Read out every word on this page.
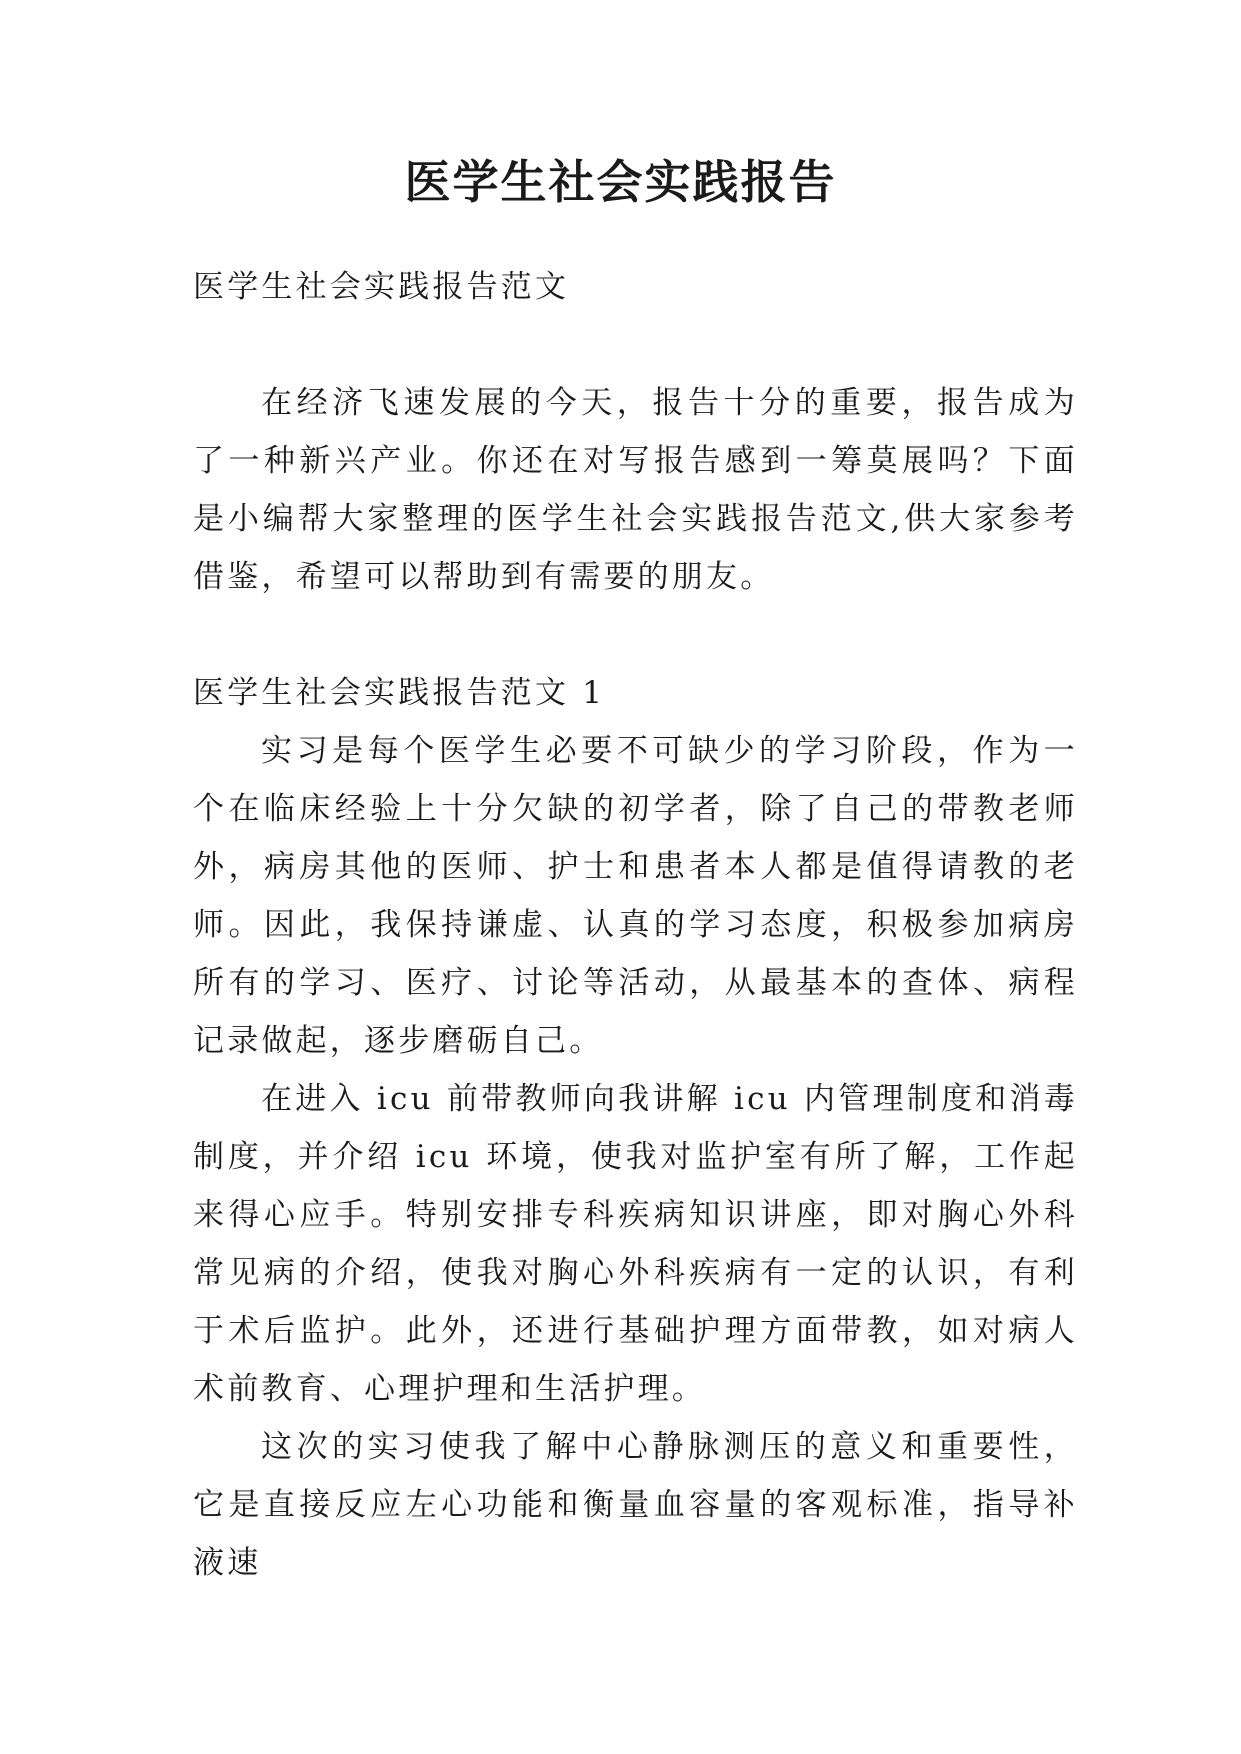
医学生社会实践报告

医学生社会实践报告范文

在经济飞速发展的今天，报告十分的重要，报告成为了一种新兴产业。你还在对写报告感到一筹莫展吗？下面是小编帮大家整理的医学生社会实践报告范文,供大家参考借鉴，希望可以帮助到有需要的朋友。

医学生社会实践报告范文 1

实习是每个医学生必要不可缺少的学习阶段，作为一个在临床经验上十分欠缺的初学者，除了自己的带教老师外，病房其他的医师、护士和患者本人都是值得请教的老师。因此，我保持谦虚、认真的学习态度，积极参加病房所有的学习、医疗、讨论等活动，从最基本的查体、病程记录做起，逐步磨砺自己。

在进入 icu 前带教师向我讲解 icu 内管理制度和消毒制度，并介绍 icu 环境，使我对监护室有所了解，工作起来得心应手。特别安排专科疾病知识讲座，即对胸心外科常见病的介绍，使我对胸心外科疾病有一定的认识，有利于术后监护。此外，还进行基础护理方面带教，如对病人术前教育、心理护理和生活护理。

这次的实习使我了解中心静脉测压的意义和重要性，它是直接反应左心功能和衡量血容量的客观标准，指导补液速
